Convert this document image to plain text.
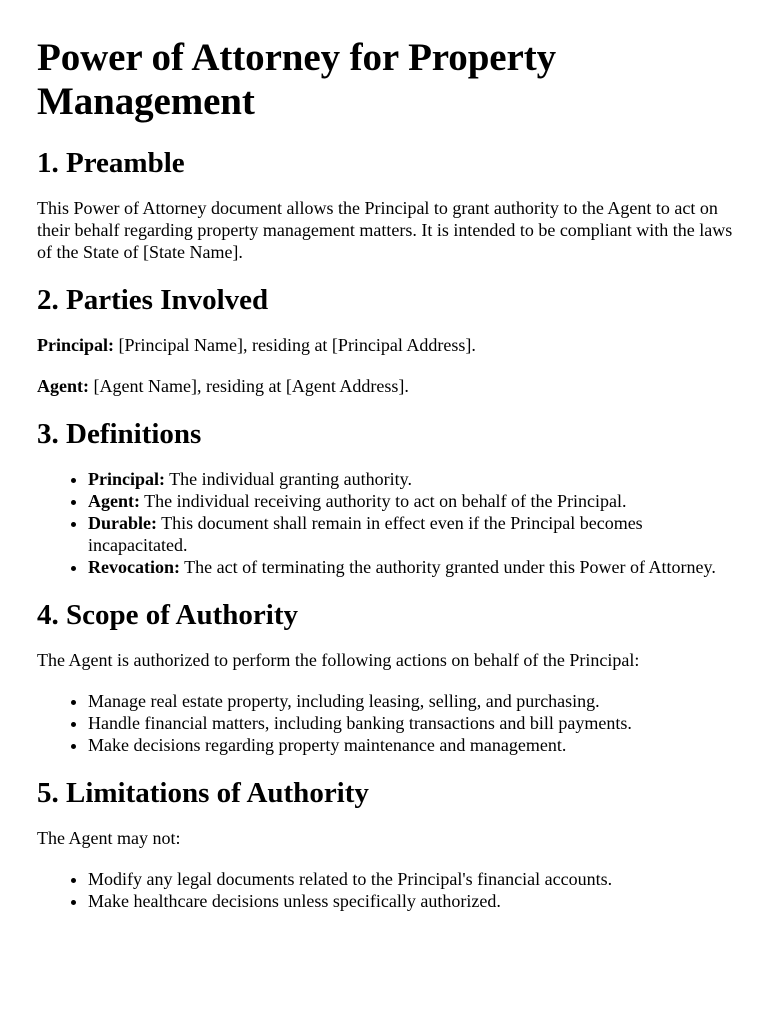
Power of Attorney for Property Management
1. Preamble

This Power of Attorney document allows the Principal to grant authority to the Agent to act on their behalf regarding property management matters. It is intended to be compliant with the laws of the State of [State Name].

2. Parties Involved

Principal: [Principal Name], residing at [Principal Address].

Agent: [Agent Name], residing at [Agent Address].

3. Definitions
• Principal: The individual granting authority.
• Agent: The individual receiving authority to act on behalf of the Principal.
• Durable: This document shall remain in effect even if the Principal becomes incapacitated.
• Revocation: The act of terminating the authority granted under this Power of Attorney.
4. Scope of Authority

The Agent is authorized to perform the following actions on behalf of the Principal:

• Manage real estate property, including leasing, selling, and purchasing.
• Handle financial matters, including banking transactions and bill payments.
• Make decisions regarding property maintenance and management.
5. Limitations of Authority

The Agent may not:

• Modify any legal documents related to the Principal's financial accounts.
• Make healthcare decisions unless specifically authorized.
